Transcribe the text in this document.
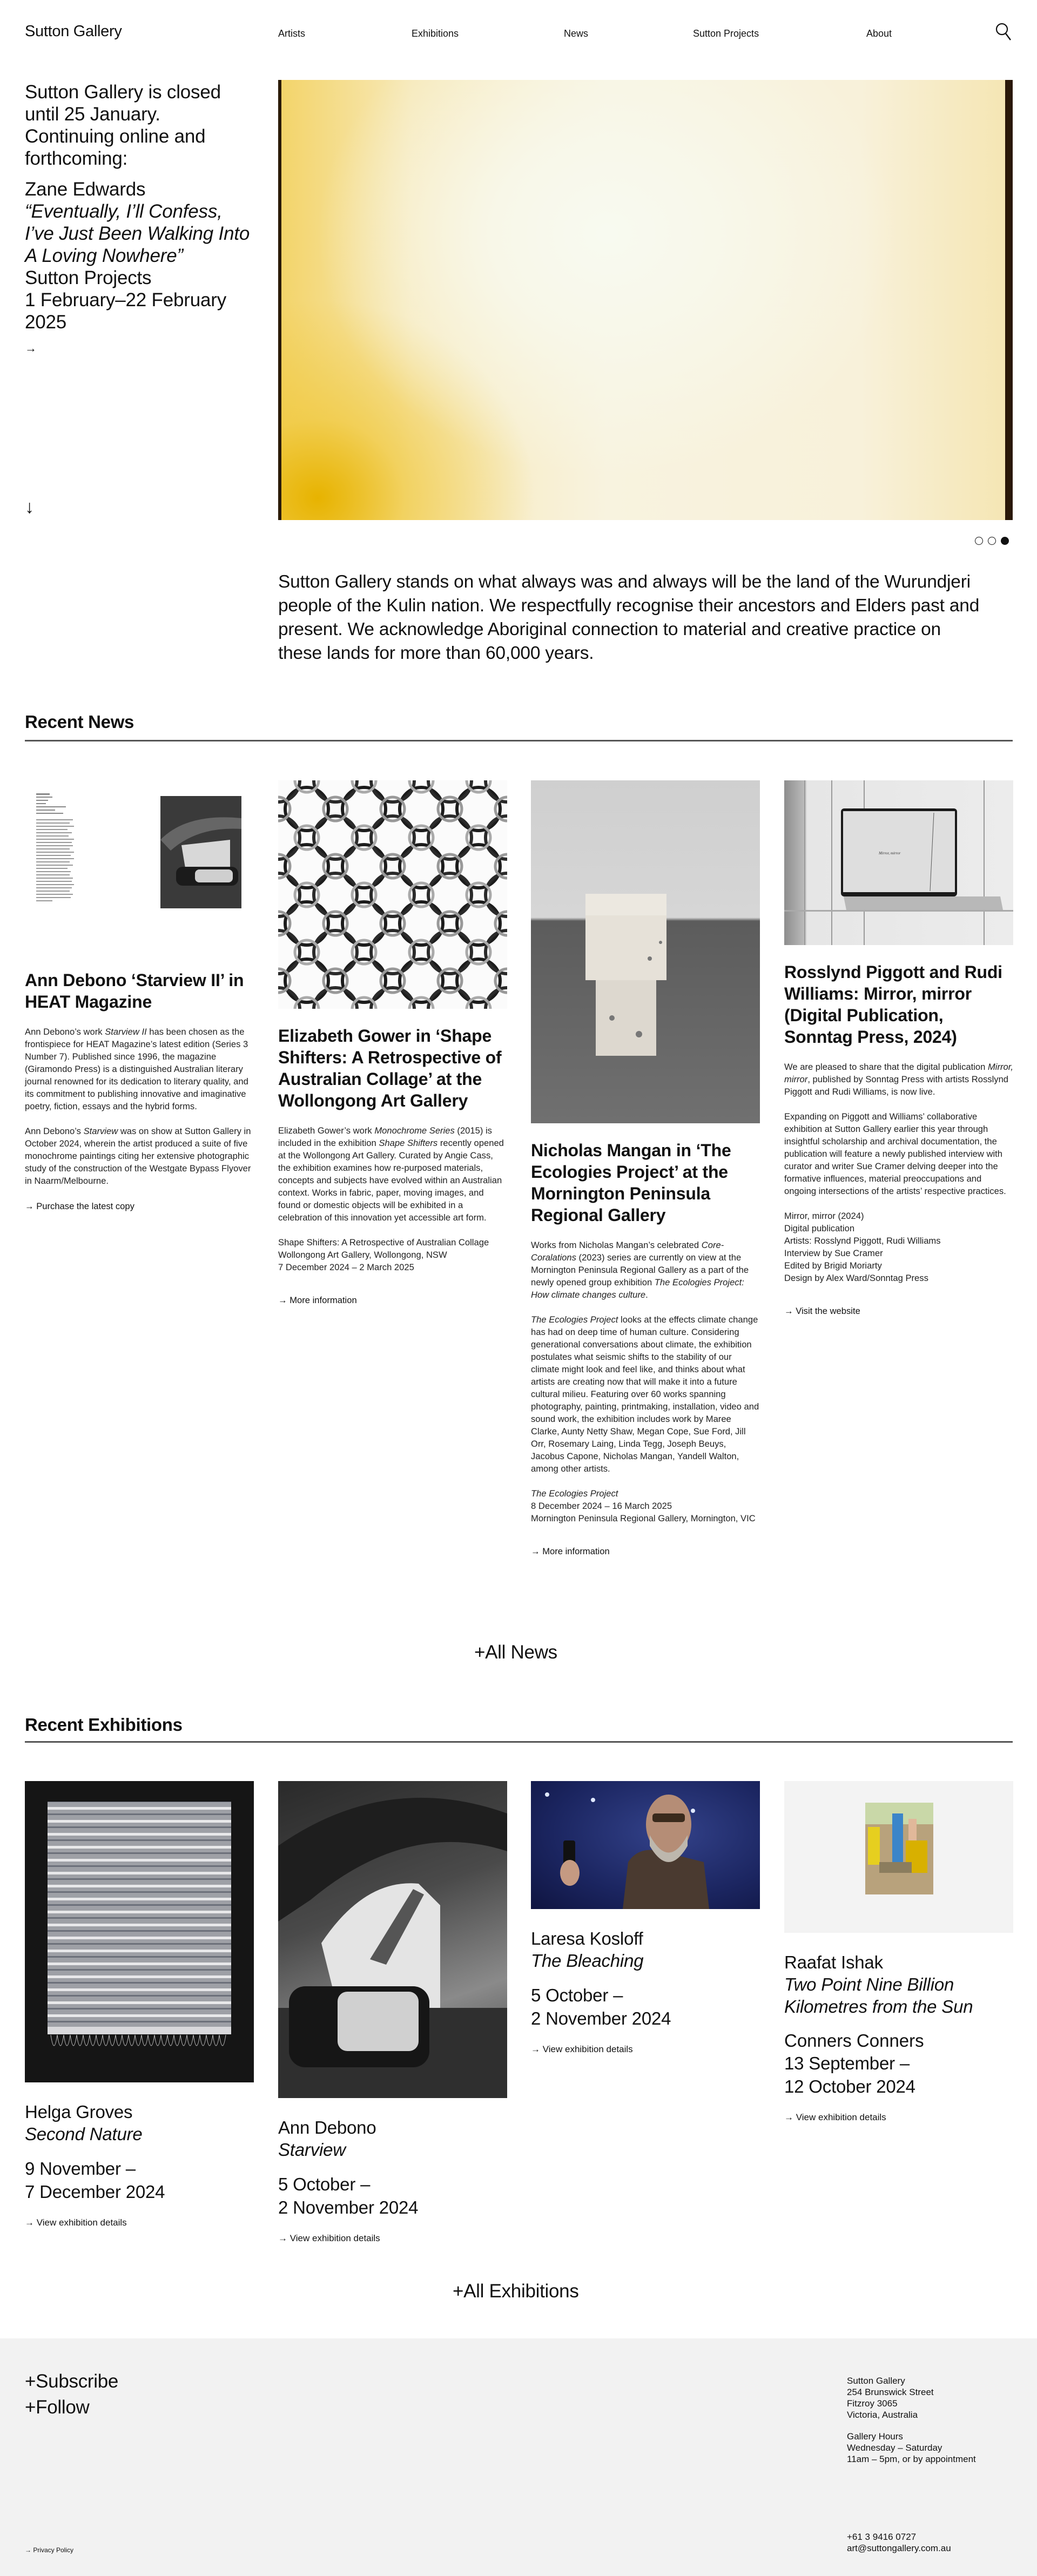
Sutton Gallery	Artists	Exhibitions	News	Sutton Projects	About

Sutton Gallery is closed until 25 January. Continuing online and forthcoming:

Zane Edwards
“Eventually, I’ll Confess, I’ve Just Been Walking Into A Loving Nowhere”
Sutton Projects
1 February–22 February 2025
→
↓

Sutton Gallery stands on what always was and always will be the land of the Wurundjeri people of the Kulin nation. We respectfully recognise their ancestors and Elders past and present. We acknowledge Aboriginal connection to material and creative practice on these lands for more than 60,000 years.

Recent News
Ann Debono ‘Starview II’ in HEAT Magazine

Ann Debono’s work Starview II has been chosen as the frontispiece for HEAT Magazine’s latest edition (Series 3 Number 7). Published since 1996, the magazine (Giramondo Press) is a distinguished Australian literary journal renowned for its dedication to literary quality, and its commitment to publishing innovative and imaginative poetry, fiction, essays and the hybrid forms.

Ann Debono’s Starview was on show at Sutton Gallery in October 2024, wherein the artist produced a suite of five monochrome paintings citing her extensive photographic study of the construction of the Westgate Bypass Flyover in Naarm/Melbourne.

→ Purchase the latest copy
Elizabeth Gower in ‘Shape Shifters: A Retrospective of Australian Collage’ at the Wollongong Art Gallery

Elizabeth Gower’s work Monochrome Series (2015) is included in the exhibition Shape Shifters recently opened at the Wollongong Art Gallery. Curated by Angie Cass, the exhibition examines how re-purposed materials, concepts and subjects have evolved within an Australian context. Works in fabric, paper, moving images, and found or domestic objects will be exhibited in a celebration of this innovation yet accessible art form.

Shape Shifters: A Retrospective of Australian Collage
Wollongong Art Gallery, Wollongong, NSW
7 December 2024 – 2 March 2025

→ More information
Nicholas Mangan in ‘The Ecologies Project’ at the Mornington Peninsula Regional Gallery

Works from Nicholas Mangan’s celebrated Core-Coralations (2023) series are currently on view at the Mornington Peninsula Regional Gallery as a part of the newly opened group exhibition The Ecologies Project: How climate changes culture.

The Ecologies Project looks at the effects climate change has had on deep time of human culture. Considering generational conversations about climate, the exhibition postulates what seismic shifts to the stability of our climate might look and feel like, and thinks about what artists are creating now that will make it into a future cultural milieu. Featuring over 60 works spanning photography, painting, printmaking, installation, video and sound work, the exhibition includes work by Maree Clarke, Aunty Netty Shaw, Megan Cope, Sue Ford, Jill Orr, Rosemary Laing, Linda Tegg, Joseph Beuys, Jacobus Capone, Nicholas Mangan, Yandell Walton, among other artists.

The Ecologies Project
8 December 2024 – 16 March 2025
Mornington Peninsula Regional Gallery, Mornington, VIC

→ More information
Mirror, mirror
Rosslynd Piggott and Rudi Williams: Mirror, mirror (Digital Publication, Sonntag Press, 2024)

We are pleased to share that the digital publication Mirror, mirror, published by Sonntag Press with artists Rosslynd Piggott and Rudi Williams, is now live.

Expanding on Piggott and Williams’ collaborative exhibition at Sutton Gallery earlier this year through insightful scholarship and archival documentation, the publication will feature a newly published interview with curator and writer Sue Cramer delving deeper into the formative influences, material preoccupations and ongoing intersections of the artists’ respective practices.

Mirror, mirror (2024)
Digital publication
Artists: Rosslynd Piggott, Rudi Williams
Interview by Sue Cramer
Edited by Brigid Moriarty
Design by Alex Ward/Sonntag Press

→ Visit the website
+All News
Recent Exhibitions
Helga Groves
Second Nature
9 November –
7 December 2024
→ View exhibition details
Ann Debono
Starview
5 October –
2 November 2024
→ View exhibition details
Laresa Kosloff
The Bleaching
5 October –
2 November 2024
→ View exhibition details
Raafat Ishak
Two Point Nine Billion Kilometres from the Sun
Conners Conners
13 September –
12 October 2024
→ View exhibition details
+All Exhibitions
+Subscribe
+Follow
Sutton Gallery
254 Brunswick Street
Fitzroy 3065
Victoria, Australia
Gallery Hours
Wednesday – Saturday
11am – 5pm, or by appointment
+61 3 9416 0727
art@suttongallery.com.au
→ Privacy Policy
